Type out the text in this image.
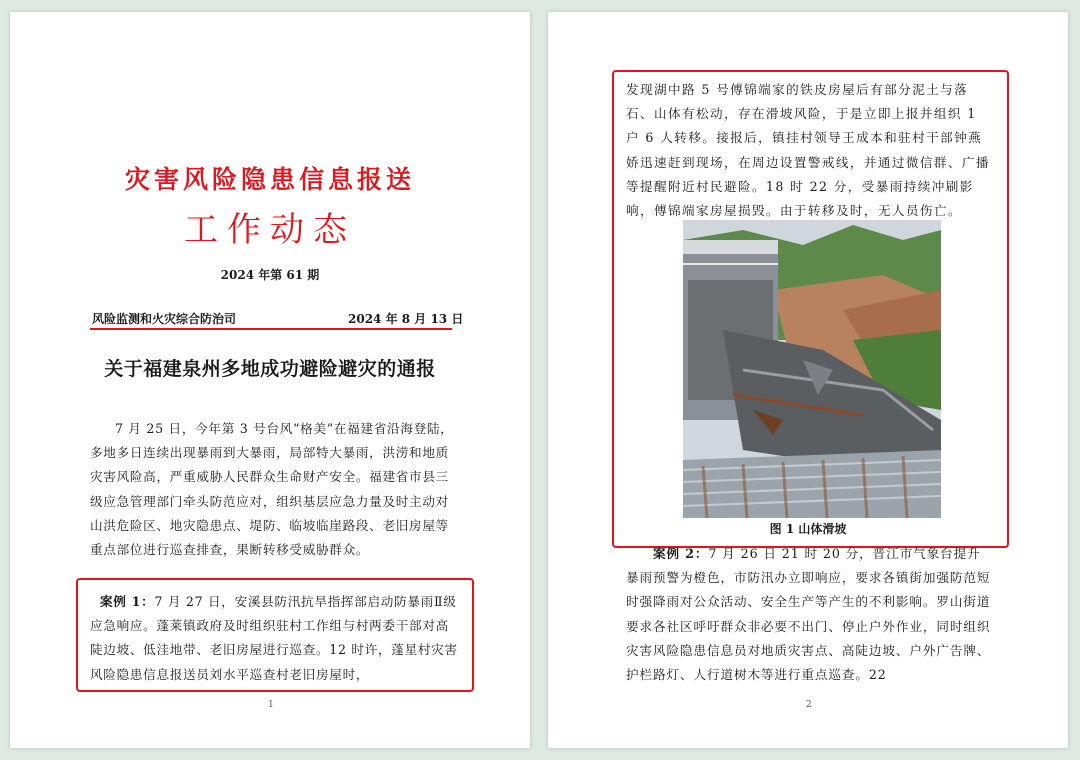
灾害风险隐患信息报送
工作动态
2024 年第 61 期
风险监测和火灾综合防治司	2024 年 8 月 13 日
关于福建泉州多地成功避险避灾的通报
7 月 25 日，今年第 3 号台风“格美”在福建省沿海登陆，多地多日连续出现暴雨到大暴雨，局部特大暴雨，洪涝和地质灾害风险高，严重威胁人民群众生命财产安全。福建省市县三级应急管理部门牵头防范应对，组织基层应急力量及时主动对山洪危险区、地灾隐患点、堤防、临坡临崖路段、老旧房屋等重点部位进行巡查排查，果断转移受威胁群众。
案例 1：7 月 27 日，安溪县防汛抗旱指挥部启动防暴雨Ⅱ级应急响应。蓬莱镇政府及时组织驻村工作组与村两委干部对高陡边坡、低洼地带、老旧房屋进行巡查。12 时许，蓬星村灾害风险隐患信息报送员刘水平巡查村老旧房屋时，
1
发现湖中路 5 号傅锦端家的铁皮房屋后有部分泥土与落石、山体有松动，存在滑坡风险，于是立即上报并组织 1 户 6 人转移。接报后，镇挂村领导王成本和驻村干部钟燕娇迅速赶到现场，在周边设置警戒线，并通过微信群、广播等提醒附近村民避险。18 时 22 分，受暴雨持续冲刷影响，傅锦端家房屋损毁。由于转移及时，无人员伤亡。
图 1 山体滑坡
　　案例 2：7 月 26 日 21 时 20 分，晋江市气象台提升暴雨预警为橙色，市防汛办立即响应，要求各镇街加强防范短时强降雨对公众活动、安全生产等产生的不利影响。罗山街道要求各社区呼吁群众非必要不出门、停止户外作业，同时组织灾害风险隐患信息员对地质灾害点、高陡边坡、户外广告牌、护栏路灯、人行道树木等进行重点巡查。22
2
